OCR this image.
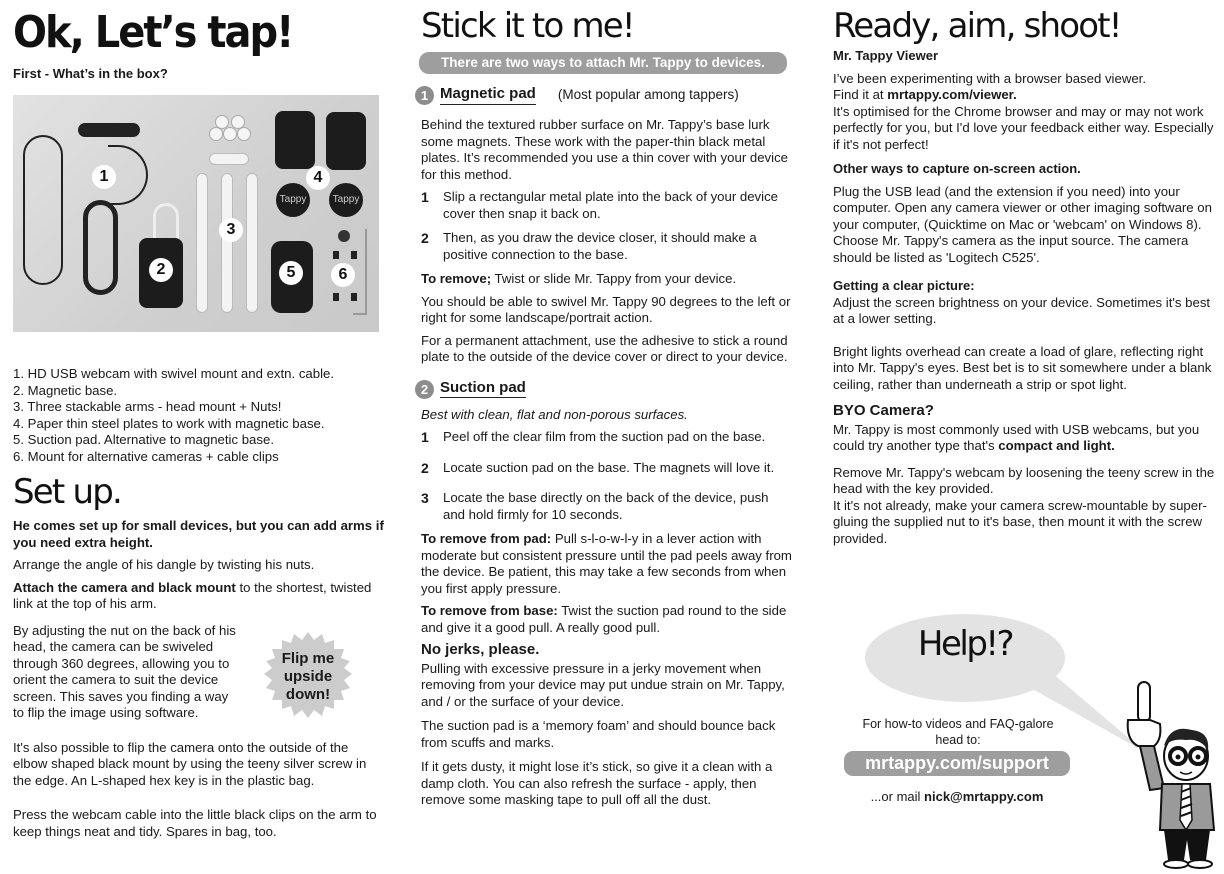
Ok, Let’s tap!
First - What’s in the box?
1
2
3
Tappy	Tappy
4
5	6
1. HD USB webcam with swivel mount and extn. cable.
2. Magnetic base.
3. Three stackable arms - head mount + Nuts!
4. Paper thin steel plates to work with magnetic base.
5. Suction pad. Alternative to magnetic base.
6. Mount for alternative cameras + cable clips
Set up.

He comes set up for small devices, but you can add arms if you need extra height.

Arrange the angle of his dangle by twisting his nuts.

Attach the camera and black mount to the shortest, twisted link at the top of his arm.

By adjusting the nut on the back of his head, the camera can be swiveled through 360 degrees, allowing you to orient the camera to suit the device screen. This saves you finding a way to flip the image using software.

It's also possible to flip the camera onto the outside of the elbow shaped black mount by using the teeny silver screw in the edge. An L-shaped hex key is in the plastic bag.

Press the webcam cable into the little black clips on the arm to keep things neat and tidy. Spares in bag, too.

Flip me
upside
down!
Stick it to me!
There are two ways to attach Mr. Tappy to devices.
1 Magnetic pad (Most popular among tappers)

Behind the textured rubber surface on Mr. Tappy’s base lurk some magnets. These work with the paper-thin black metal plates. It’s recommended you use a thin cover with your device for this method.

1	Slip a rectangular metal plate into the back of your device cover then snap it back on.
2	Then, as you draw the device closer, it should make a positive connection to the base.

To remove; Twist or slide Mr. Tappy from your device.

You should be able to swivel Mr. Tappy 90 degrees to the left or right for some landscape/portrait action.

For a permanent attachment, use the adhesive to stick a round plate to the outside of the device cover or direct to your device.

2 Suction pad

Best with clean, flat and non-porous surfaces.

1	Peel off the clear film from the suction pad on the base.
2	Locate suction pad on the base. The magnets will love it.
3	Locate the base directly on the back of the device, push and hold firmly for 10 seconds.

To remove from pad: Pull s-l-o-w-l-y in a lever action with moderate but consistent pressure until the pad peels away from the device. Be patient, this may take a few seconds from when you first apply pressure.

To remove from base: Twist the suction pad round to the side and give it a good pull. A really good pull.

No jerks, please.

Pulling with excessive pressure in a jerky movement when removing from your device may put undue strain on Mr. Tappy, and / or the surface of your device.

The suction pad is a ‘memory foam’ and should bounce back from scuffs and marks.

If it gets dusty, it might lose it’s stick, so give it a clean with a damp cloth. You can also refresh the surface - apply, then remove some masking tape to pull off all the dust.

Ready, aim, shoot!
Mr. Tappy Viewer
I’ve been experimenting with a browser based viewer.
Find it at mrtappy.com/viewer.

It's optimised for the Chrome browser and may or may not work perfectly for you, but I'd love your feedback either way. Especially if it's not perfect!

Other ways to capture on-screen action.
Plug the USB lead (and the extension if you need) into your computer. Open any camera viewer or other imaging software on your computer, (Quicktime on Mac or 'webcam' on Windows 8).

Choose Mr. Tappy's camera as the input source. The camera should be listed as 'Logitech C525'.

Getting a clear picture:

Adjust the screen brightness on your device. Sometimes it's best at a lower setting.

Bright lights overhead can create a load of glare, reflecting right into Mr. Tappy's eyes. Best bet is to sit somewhere under a blank ceiling, rather than underneath a strip or spot light.

BYO Camera?

Mr. Tappy is most commonly used with USB webcams, but you could try another type that's compact and light.

Remove Mr. Tappy's webcam by loosening the teeny screw in the head with the key provided.
It it's not already, make your camera screw-mountable by super-gluing the supplied nut to it's base, then mount it with the screw provided.
Help!?
For how-to videos and FAQ-galore head to:
mrtappy.com/support
...or mail nick@mrtappy.com
